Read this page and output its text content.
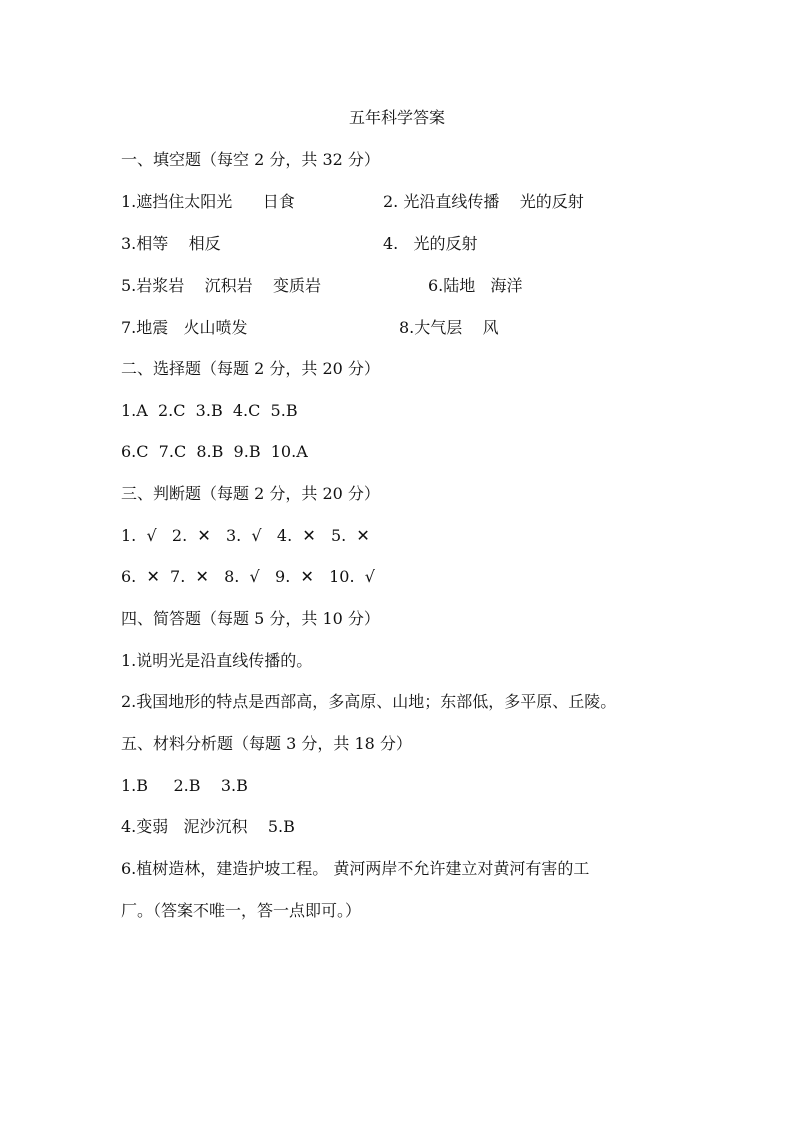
五年科学答案
一、填空题（每空 2 分，共 32 分）
1.遮挡住太阳光      日食	2. 光沿直线传播    光的反射
3.相等    相反	4.   光的反射
5.岩浆岩    沉积岩    变质岩	6.陆地   海洋
7.地震   火山喷发	8.大气层    风
二、选择题（每题 2 分，共 20 分）
1.A  2.C  3.B  4.C  5.B
6.C  7.C  8.B  9.B  10.A
三、判断题（每题 2 分，共 20 分）
1.  √   2.  ✕   3.  √   4.  ✕   5.  ✕
6.  ✕  7.  ✕   8.  √   9.  ✕   10.  √
四、简答题（每题 5 分，共 10 分）
1.说明光是沿直线传播的。
2.我国地形的特点是西部高，多高原、山地；东部低，多平原、丘陵。
五、材料分析题（每题 3 分，共 18 分）
1.B     2.B    3.B
4.变弱   泥沙沉积    5.B
6.植树造林，建造护坡工程。 黄河两岸不允许建立对黄河有害的工
厂。（答案不唯一，答一点即可。）
